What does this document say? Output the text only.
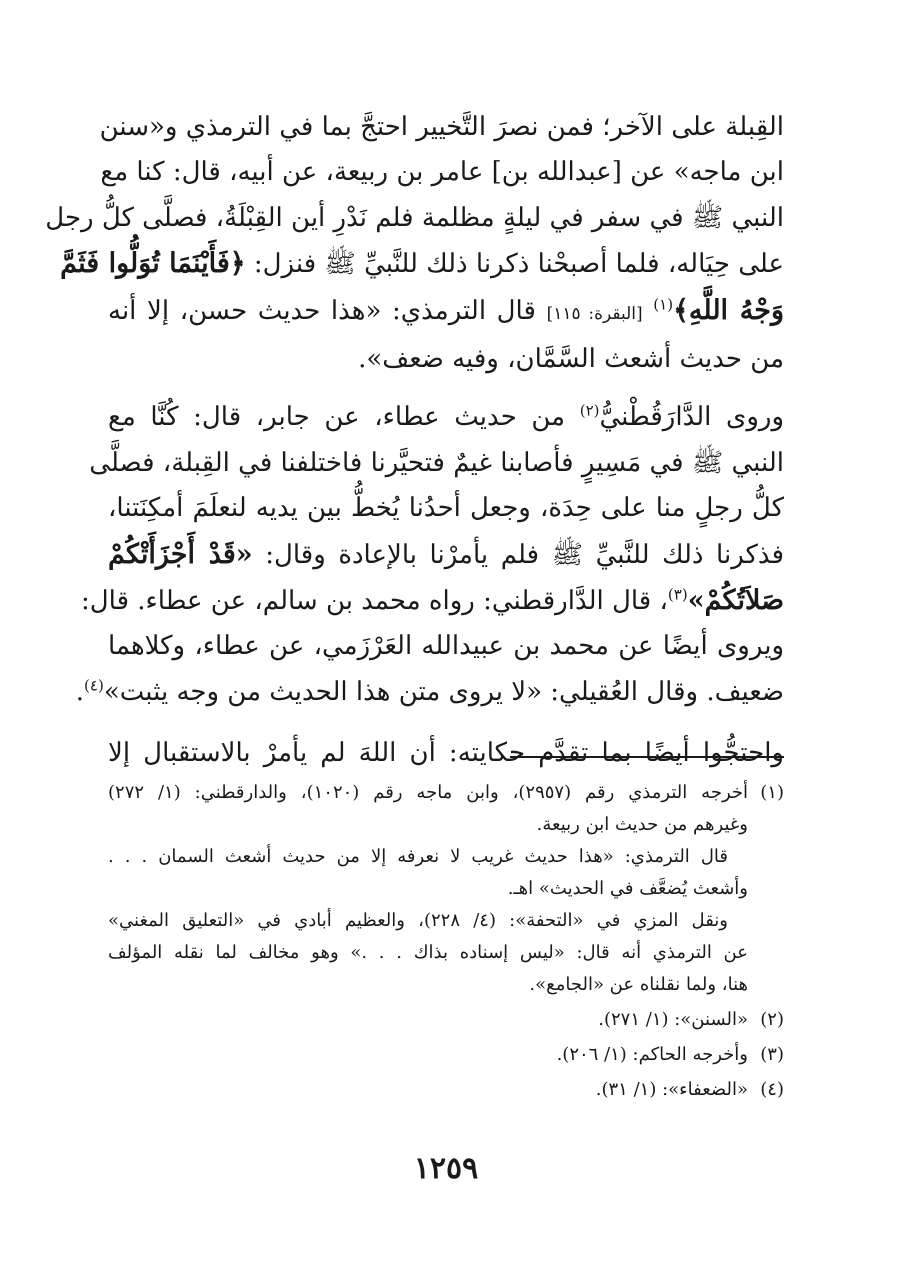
القِبلة على الآخر؛ فمن نصرَ التَّخيير احتجَّ بما في الترمذي و«سنن
ابن ماجه» عن [عبدالله بن] عامر بن ربيعة، عن أبيه، قال: كنا مع
النبي ﷺ في سفر في ليلةٍ مظلمة فلم نَدْرِ أين القِبْلَةُ، فصلَّى كلُّ رجل
على حِيَاله، فلما أصبحْنا ذكرنا ذلك للنَّبيِّ ﷺ فنزل: ﴿فَأَيْنَمَا تُوَلُّوا فَثَمَّ
وَجْهُ اللَّهِ﴾$^{(١)}$ [البقرة: ١١٥] قال الترمذي: «هذا حديث حسن، إلا أنه
من حديث أشعث السَّمَّان، وفيه ضعف».

وروى الدَّارَقُطْنيُّ$^{(٢)}$ من حديث عطاء، عن جابر، قال: كُنَّا مع
النبي ﷺ في مَسِيرٍ فأصابنا غيمٌ فتحيَّرنا فاختلفنا في القِبلة، فصلَّى
كلُّ رجلٍ منا على حِدَة، وجعل أحدُنا يُخطُّ بين يديه لنعلَمَ أمكِنَتنا،
فذكرنا ذلك للنَّبيِّ ﷺ فلم يأمرْنا بالإعادة وقال: «قَدْ أَجْزَأَتْكُمْ
صَلاَتُكُمْ»$^{(٣)}$، قال الدَّارقطني: رواه محمد بن سالم، عن عطاء. قال:
ويروى أيضًا عن محمد بن عبيدالله العَرْزَمي، عن عطاء، وكلاهما
ضعيف. وقال العُقيلي: «لا يروى متن هذا الحديث من وجه يثبت»$^{(٤)}$.

واحتجُّوا أيضًا بما تقدَّم حكايته: أن اللهَ لم يأمرْ بالاستقبال إلا

(١)
أخرجه الترمذي رقم (٢٩٥٧)، وابن ماجه رقم (١٠٢٠)، والدارقطني: (١/ ٢٧٢)
وغيرهم من حديث ابن ربيعة.
قال الترمذي: «هذا حديث غريب لا نعرفه إلا من حديث أشعث السمان . . .
وأشعث يُضعَّف في الحديث» اهـ.
ونقل المزي في «التحفة»: (٤/ ٢٢٨)، والعظيم أبادي في «التعليق المغني»
عن الترمذي أنه قال: «ليس إسناده بذاك . . .» وهو مخالف لما نقله المؤلف
هنا، ولما نقلناه عن «الجامع».
(٢)
«السنن»: (١/ ٢٧١).
(٣)
وأخرجه الحاكم: (١/ ٢٠٦).
(٤)
«الضعفاء»: (١/ ٣١).
١٢٥٩
